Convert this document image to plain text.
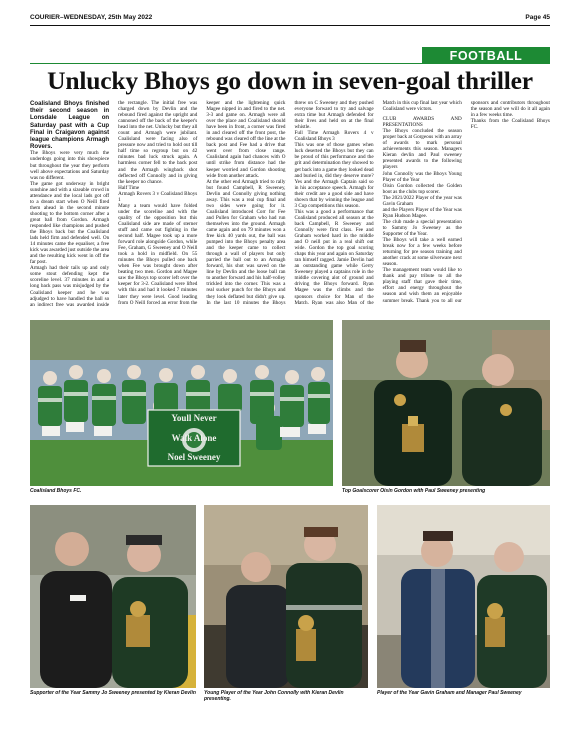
COURIER–WEDNESDAY, 25th May 2022	Page 45
FOOTBALL
Unlucky Bhoys go down in seven-goal thriller

Coalisland Bhoys finished their second season in Lonsdale League on Saturday past with a Cup Final in Craigavon against league champions Armagh Rovers.

The Bhoys were very much the underdogs going into this showpiece but throughout the year they perform well above expectations and Saturday was no different.

The game got underway in bright sunshine and with a sizeable crowd in attendance and the local lads got off to a dream start when O Neill fired them ahead in the second minute shooting to the bottom corner after a great ball from Gordon. Armagh responded like champions and pushed the Bhoys back but the Coalisland lads held firm and defended well. On 14 minutes came the equaliser, a free kick was awarded just outside the area and the resulting kick went in off the far post.

Armagh had their tails up and only some stout defending kept the scoreline level. 37 minutes in and a long back pass was misjudged by the Coalisland keeper and he was adjudged to have handled the ball so an indirect free was awarded inside the rectangle. The initial free was charged down by Devlin and the rebound fired against the upright and cannoned off the back of the keeper's head into the net. Unlucky but they all count and Armagh were jubilant. Coalisland were facing also of pressure now and tried to hold out till half time so regroup but on 42 minutes bad luck struck again. A harmless corner fell to the back post and the Armagh wingback shot deflected off Connolly and in giving the keeper no chance.

Half Time

Armagh Rovers 3 v Coalisland Bhoys 1

Many a team would have folded under the scoreline and with the quality of the opposition but this Coalisland side are made of sterner stuff and came out fighting in the second half. Magee took up a more forward role alongside Gordon, while Fee, Graham, G Sweeney and O Neill took a hold in midfield. On 55 minutes the Bhoys pulled one back when Fee was brought down after beating two men. Gordon and Magee saw the Bhoys top scorer left over the keeper for 3-2. Coalisland were lifted with this and had it looked 7 minutes later they were level. Good leading from O Neill forced an error from the keeper and the lightening quick Magee nipped in and fired to the net. 3-3 and game on. Armagh were all over the place and Coalisland should have been in front, a corner was fired in and cleared off the front post, the rebound was cleared off the line at the back post and Fee had a drive that went over from close range. Coalisland again had chances with O until strike from distance had the keeper worried and Gordon shooting wide from another attack.

At the other end Armagh tried to rally but found Campbell, R Sweeney, Devlin and Connolly giving nothing away. This was a real cup final and two sides were going for it. Coalisland introduced Corr for Fee and Pullen for Graham who had run themselves into the ground. Armagh came again and on 79 minutes won a free kick 40 yards out, the ball was pumped into the Bhoys penalty area and the keeper came to collect through a wall of players but only parried the ball out to an Armagh forward, his shot was saved on the line by Devlin and the loose ball ran to another forward and his half-volley trickled into the corner. This was a real sucker punch for the Bhoys and they look deflated but didn't give up. In the last 10 minutes the Bhoys threw on C Sweeney and they pushed everyone forward to try and salvage extra time but Armagh defended for their lives and held on at the final whistle.

Full Time Armagh Rovers 4 v Coalisland Bhoys 3

This was one of those games when luck deserted the Bhoys but they can be proud of this performance and the grit and determination they showed to get back into a game they looked dead and buried in, did they deserve more? Yes and the Armagh Captain said so in his acceptance speech. Armagh for their credit are a good side and have shown that by winning the league and 3 Cup competitions this season.

This was a good a performance that Coalisland produced all season at the back Campbell, R Sweeney and Connolly were first class. Fee and Graham worked hard in the middle and O neill put in a real shift out wide. Gordon the top goal scoring chaps this year and again on Saturday ran himself ragged. Jamie Devlin had an outstanding game while Gerry Sweeney played a captains role in the middle covering alot of ground and driving the Bhoys forward. Ryan Magee was the climbs and the sponsors choice for Man of the Match. Ryan was also Man of the Match in this cup final last year which Coalisland were victors.

CLUB AWARDS AND PRESENTATIONS

The Bhoys concluded the season proper back at Gorgeous with an array of awards to mark personal achievements this season. Managers Kieran devlin and Paul sweeney presented awards to the following players

John Connolly was the Bhoys Young Player of the Year

Oisin Gordon collected the Golden boot as the clubs top scorer.

The 2021/2022 Player of the year was Gavin Graham

and the Players Player of the Year was Ryan Hudson Magee.

The club made a special presentation to Sammy Jo Sweeney as the Supporter of the Year.

The Bhoys will take a well earned break now for a few weeks before returning for pre season training and another crack at some silverware next season.

The management team would like to thank and pay tribute to all the playing staff that gave their time, effort and energy throughout the season and wish them an enjoyable summer break. Thank you to all our sponsors and contributors throughout the season and we will do it all again in a few weeks time.

Thanks from the Coalisland Bhoys FC.

Youll Never
Walk Alone
Noel Sweeney
Coalisland Bhoys FC.	Top Goalscorer Oisin Gordon with Paul Sweeney presenting
Supporter of the Year Sammy Jo Sweeney presented by Kieran Devlin	Young Player of the Year John Connolly with Kieran Devlin presenting.
Player of the Year Gavin Graham and Manager Paul Sweeney
